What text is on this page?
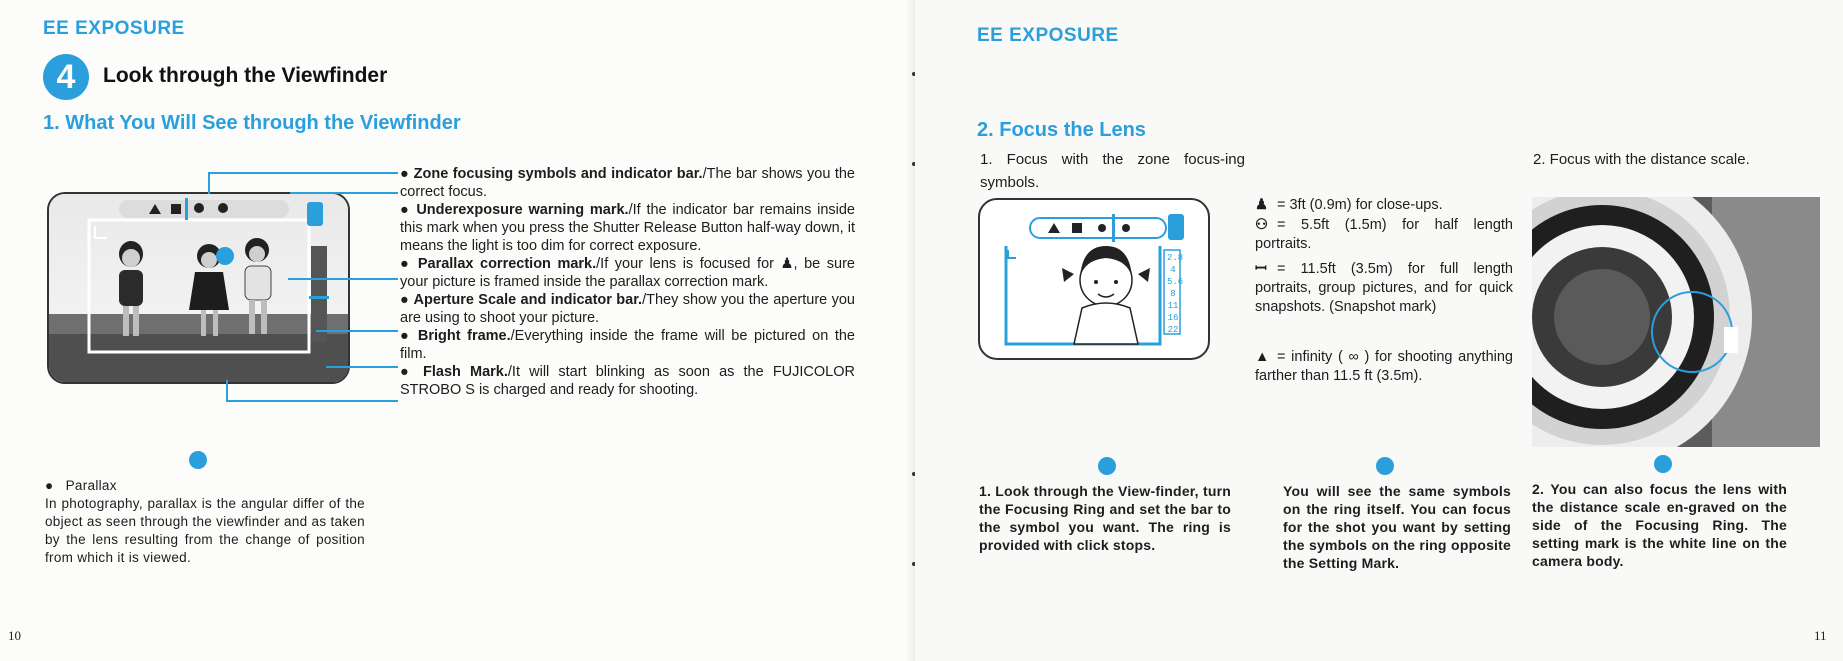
EE EXPOSURE
4	Look through the Viewfinder
1. What You Will See through the Viewfinder

● Zone focusing symbols and indicator bar./The bar shows you the correct focus.

● Underexposure warning mark./If the indicator bar remains inside this mark when you press the Shutter Release Button half-way down, it means the light is too dim for correct exposure.

● Parallax correction mark./If your lens is focused for ♟, be sure your picture is framed inside the parallax correction mark.

● Aperture Scale and indicator bar./They show you the aperture you are using to shoot your picture.

● Bright frame./Everything inside the frame will be pictured on the film.

● Flash Mark./It will start blinking as soon as the FUJICOLOR STROBO S is charged and ready for shooting.

●   Parallax

In photography, parallax is the angular differ of the object as seen through the viewfinder and as taken by the lens resulting from the change of position from which it is viewed.

10
EE EXPOSURE
2. Focus the Lens
1. Focus with the zone focus-ing symbols.
2. Focus with the distance scale.
2.8
4
5.6
8
11
16
22
♟ = 3ft (0.9m) for close-ups.
⚇ = 5.5ft (1.5m) for half length portraits.
ꟷ = 11.5ft (3.5m) for full length portraits, group pictures, and for quick snapshots. (Snapshot mark)
▲ = infinity ( ∞ ) for shooting anything farther than 11.5 ft (3.5m).
1. Look through the View-finder, turn the Focusing Ring and set the bar to the symbol you want. The ring is provided with click stops.
You will see the same symbols on the ring itself. You can focus for the shot you want by setting the symbols on the ring opposite the Setting Mark.
2. You can also focus the lens with the distance scale en-graved on the side of the Focusing Ring. The setting mark is the white line on the camera body.
11
